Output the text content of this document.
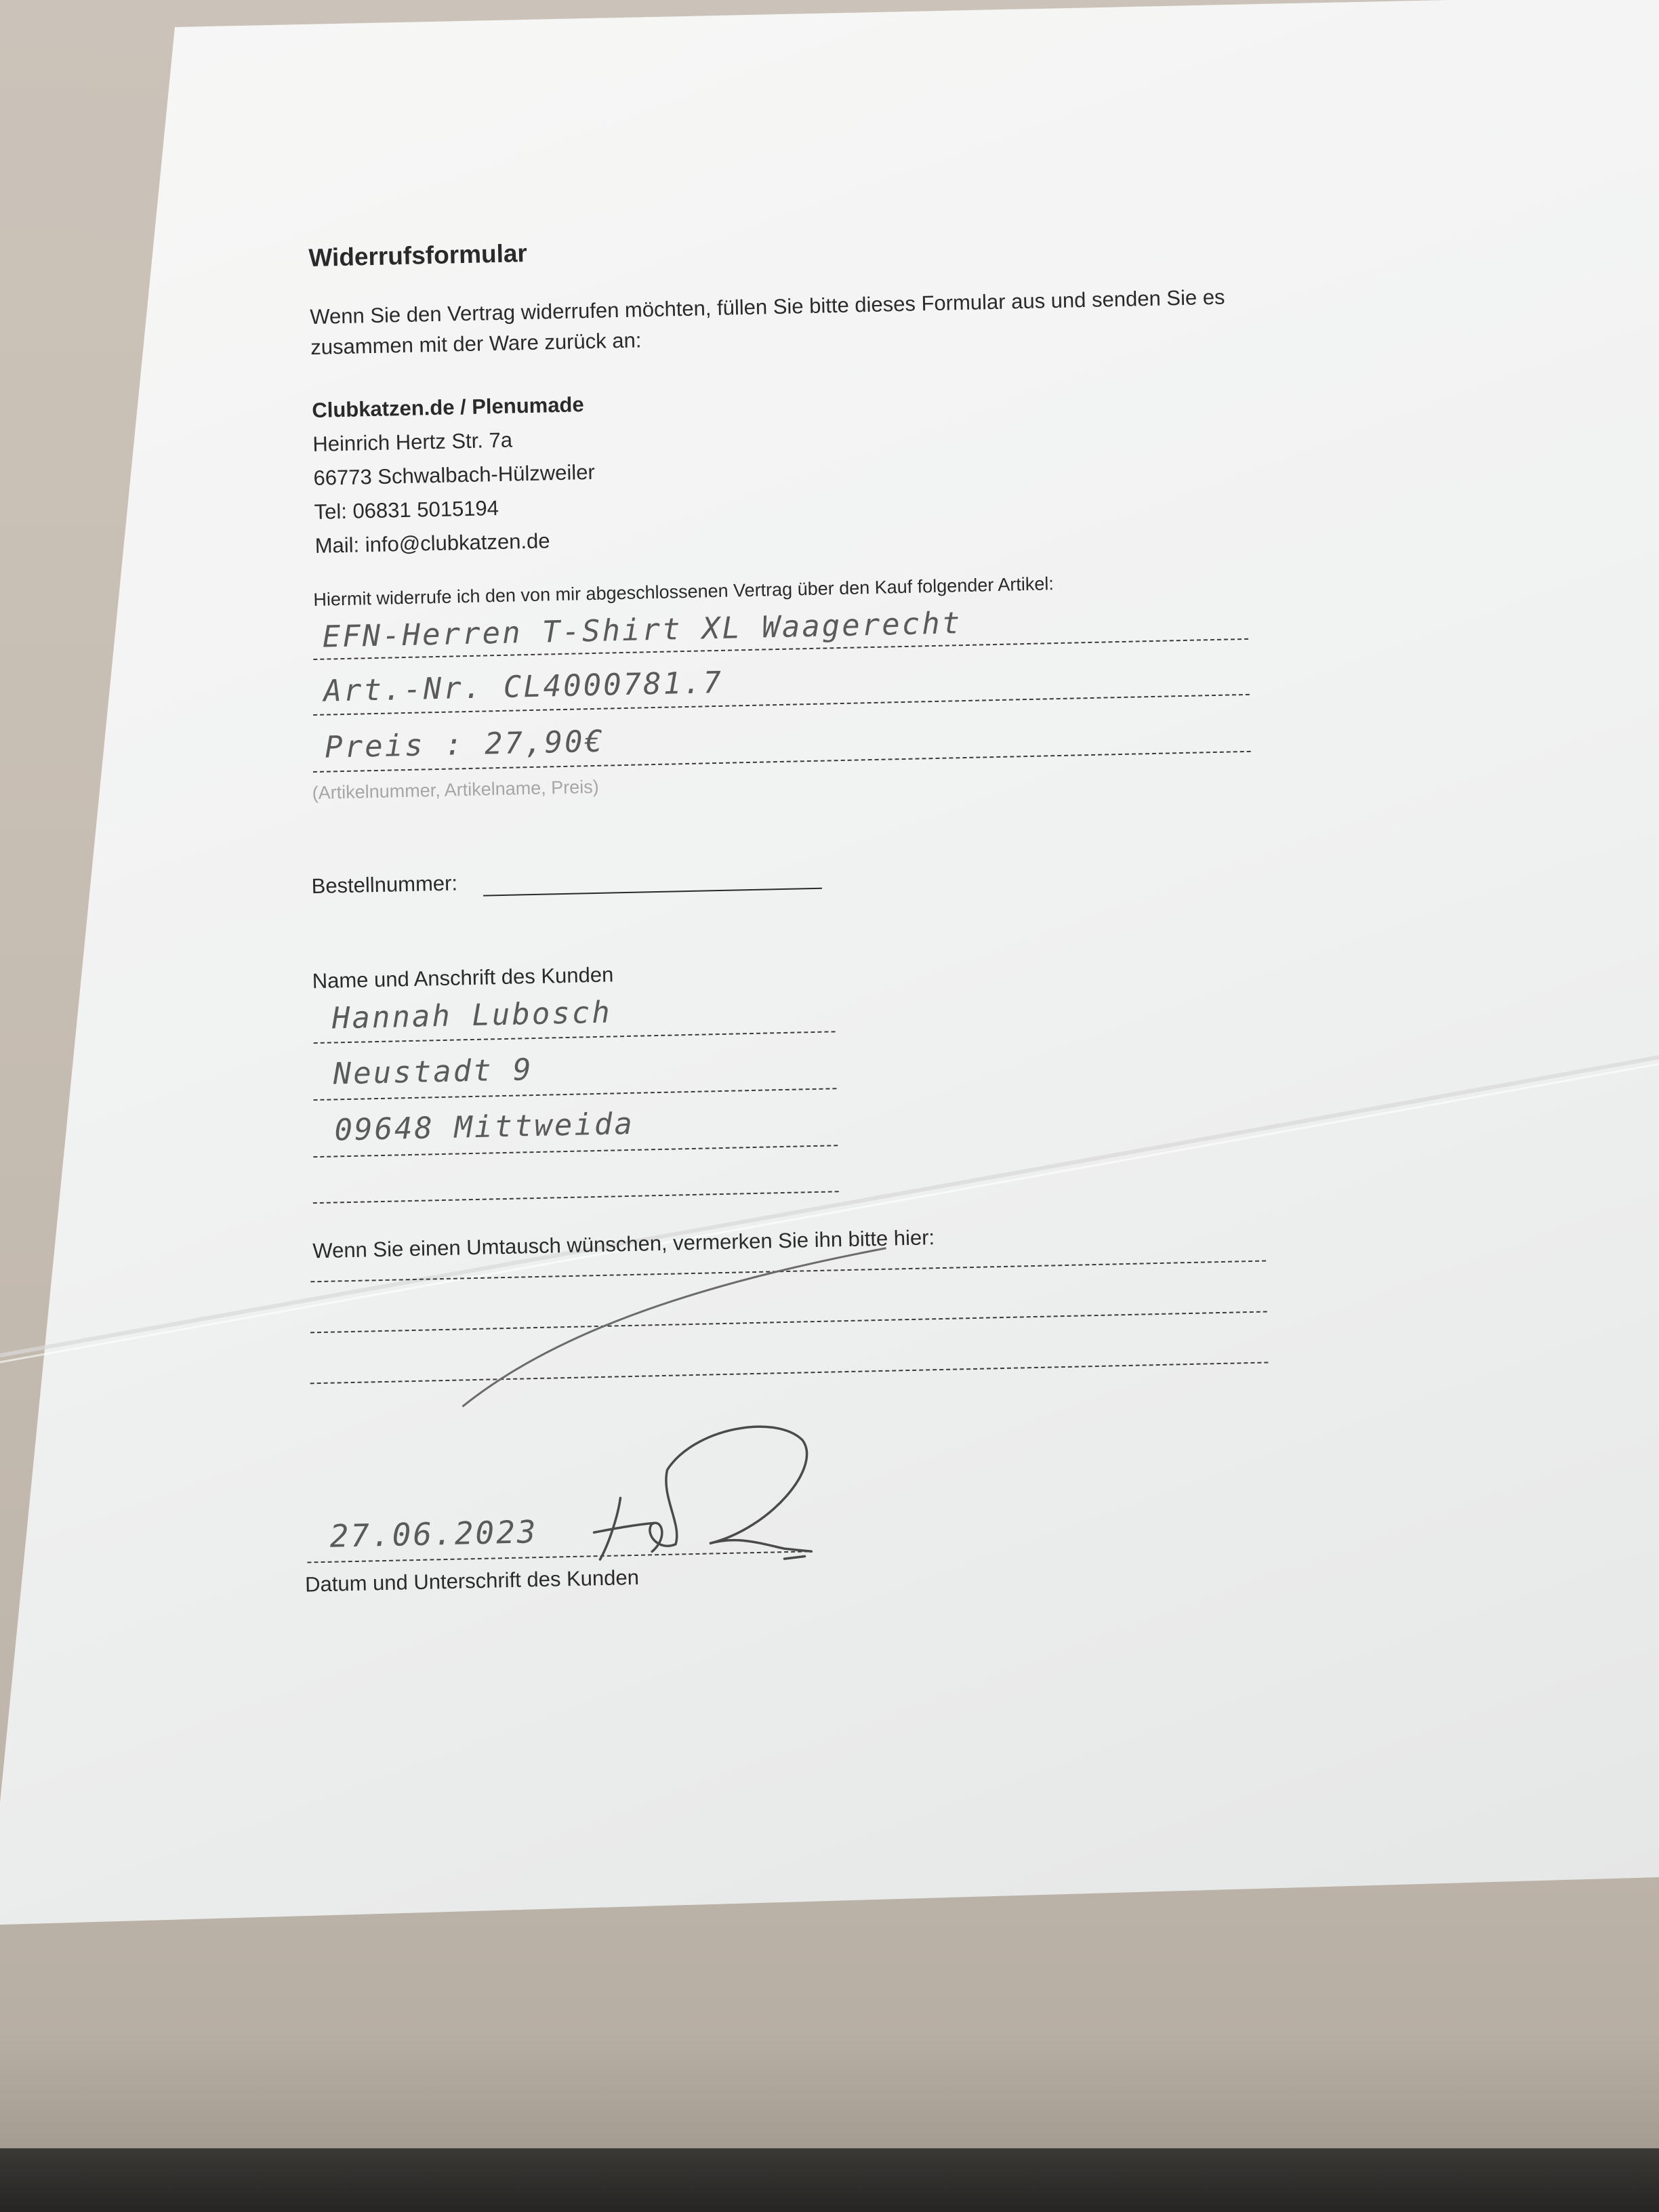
Widerrufsformular
Wenn Sie den Vertrag widerrufen möchten, füllen Sie bitte dieses Formular aus und senden Sie es
zusammen mit der Ware zurück an:
Clubkatzen.de / Plenumade
Heinrich Hertz Str. 7a
66773 Schwalbach-Hülzweiler
Tel: 06831 5015194
Mail: info@clubkatzen.de
Hiermit widerrufe ich den von mir abgeschlossenen Vertrag über den Kauf folgender Artikel:
EFN-Herren T-Shirt XL Waagerecht
Art.-Nr. CL4000781.7
Preis : 27,90€
(Artikelnummer, Artikelname, Preis)
Bestellnummer:
Name und Anschrift des Kunden
Hannah Lubosch
Neustadt 9
09648 Mittweida
Wenn Sie einen Umtausch wünschen, vermerken Sie ihn bitte hier:
27.06.2023
Datum und Unterschrift des Kunden
